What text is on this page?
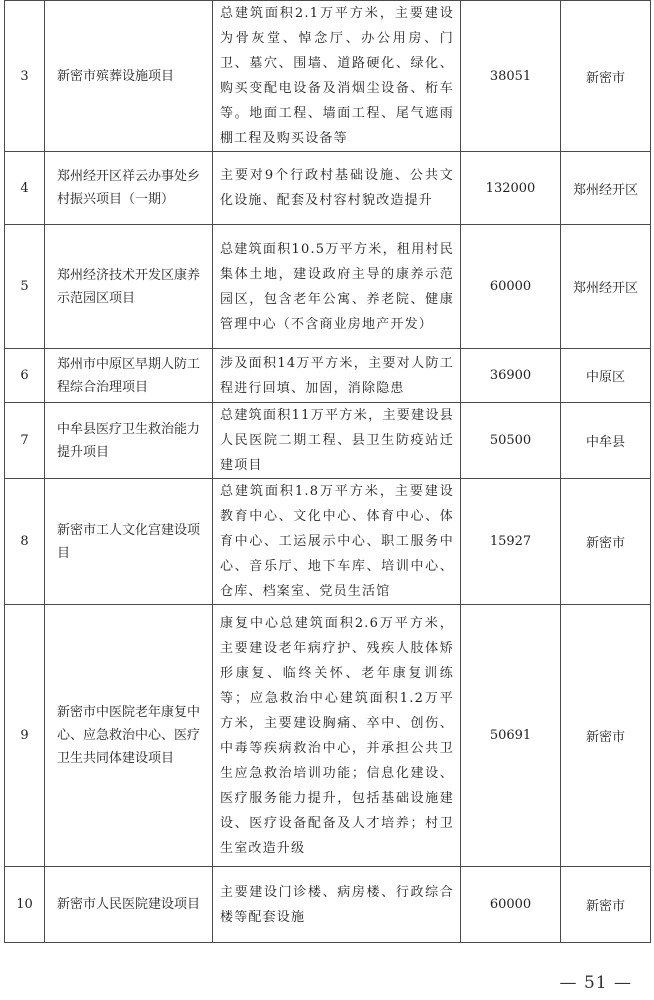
3	新密市殡葬设施项目	总建筑面积2.1万平方米，主要建设为骨灰堂、悼念厅、办公用房、门卫、墓穴、围墙、道路硬化、绿化、购买变配电设备及消烟尘设备、桁车等。地面工程、墙面工程、尾气遮雨棚工程及购买设备等	38051	新密市
4	郑州经开区祥云办事处乡村振兴项目（一期）	主要对9个行政村基础设施、公共文化设施、配套及村容村貌改造提升	132000	郑州经开区
5	郑州经济技术开发区康养示范园区项目	总建筑面积10.5万平方米，租用村民集体土地，建设政府主导的康养示范园区，包含老年公寓、养老院、健康管理中心（不含商业房地产开发）	60000	郑州经开区
6	郑州市中原区早期人防工程综合治理项目	涉及面积14万平方米，主要对人防工程进行回填、加固，消除隐患	36900	中原区
7	中牟县医疗卫生救治能力提升项目	总建筑面积11万平方米，主要建设县人民医院二期工程、县卫生防疫站迁建项目	50500	中牟县
8	新密市工人文化宫建设项目	总建筑面积1.8万平方米，主要建设教育中心、文化中心、体育中心、体育中心、工运展示中心、职工服务中心、音乐厅、地下车库、培训中心、仓库、档案室、党员生活馆	15927	新密市
9	新密市中医院老年康复中心、应急救治中心、医疗卫生共同体建设项目	康复中心总建筑面积2.6万平方米，主要建设老年病疗护、残疾人肢体矫形康复、临终关怀、老年康复训练等；应急救治中心建筑面积1.2万平方米，主要建设胸痛、卒中、创伤、中毒等疾病救治中心，并承担公共卫生应急救治培训功能；信息化建设、医疗服务能力提升，包括基础设施建设、医疗设备配备及人才培养；村卫生室改造升级	50691	新密市
10	新密市人民医院建设项目	主要建设门诊楼、病房楼、行政综合楼等配套设施	60000	新密市
— 51 —
